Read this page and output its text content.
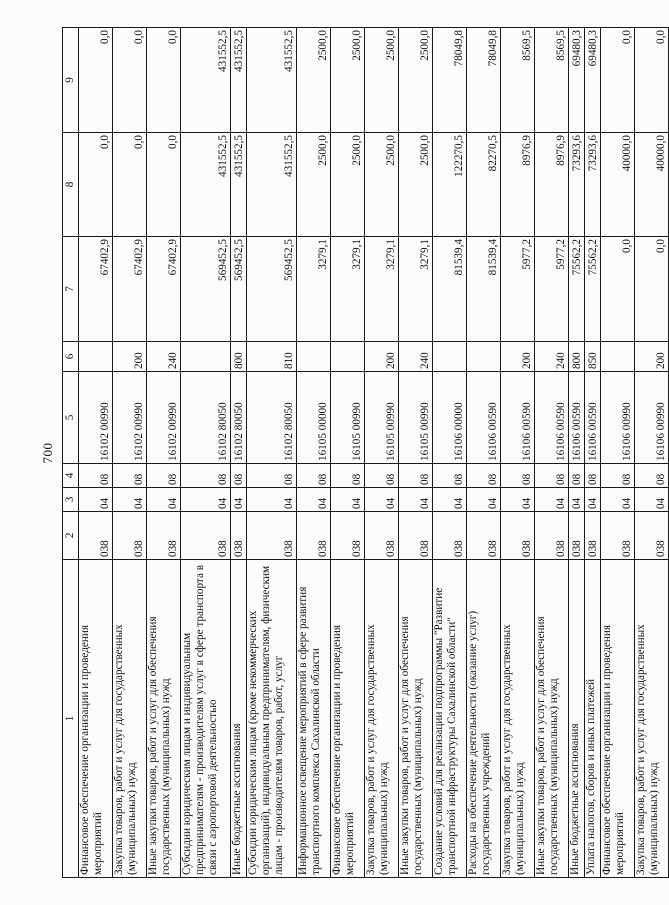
700
1	2	3	4	5	6	7	8	9
Финансовое обеспечение организации и проведения мероприятий	038	04	08	16102 00990		67402,9	0,0	0,0
Закупка товаров, работ и услуг для государственных (муниципальных) нужд	038	04	08	16102 00990	200	67402,9	0,0	0,0
Иные закупки товаров, работ и услуг для обеспечения государственных (муниципальных) нужд	038	04	08	16102 00990	240	67402,9	0,0	0,0
Субсидии юридическим лицам и индивидуальным предпринимателям - производителям услуг в сфере транспорта в связи с аэропортовой деятельностью	038	04	08	16102 80050		569452,5	431552,5	431552,5
Иные бюджетные ассигнования	038	04	08	16102 80050	800	569452,5	431552,5	431552,5
Субсидии юридическим лицам (кроме некоммерческих организаций), индивидуальным предпринимателям, физическим лицам - производителям товаров, работ, услуг	038	04	08	16102 80050	810	569452,5	431552,5	431552,5
Информационное освещение мероприятий в сфере развития транспортного комплекса Сахалинской области	038	04	08	16105 00000		3279,1	2500,0	2500,0
Финансовое обеспечение организации и проведения мероприятий	038	04	08	16105 00990		3279,1	2500,0	2500,0
Закупка товаров, работ и услуг для государственных (муниципальных) нужд	038	04	08	16105 00990	200	3279,1	2500,0	2500,0
Иные закупки товаров, работ и услуг для обеспечения государственных (муниципальных) нужд	038	04	08	16105 00990	240	3279,1	2500,0	2500,0
Создание условий для реализации подпрограммы "Развитие транспортной инфраструктуры Сахалинской области"	038	04	08	16106 00000		81539,4	122270,5	78049,8
Расходы на обеспечение деятельности (оказание услуг) государственных учреждений	038	04	08	16106 00590		81539,4	82270,5	78049,8
Закупка товаров, работ и услуг для государственных (муниципальных) нужд	038	04	08	16106 00590	200	5977,2	8976,9	8569,5
Иные закупки товаров, работ и услуг для обеспечения государственных (муниципальных) нужд	038	04	08	16106 00590	240	5977,2	8976,9	8569,5
Иные бюджетные ассигнования	038	04	08	16106 00590	800	75562,2	73293,6	69480,3
Уплата налогов, сборов и иных платежей	038	04	08	16106 00590	850	75562,2	73293,6	69480,3
Финансовое обеспечение организации и проведения мероприятий	038	04	08	16106 00990		0,0	40000,0	0,0
Закупка товаров, работ и услуг для государственных (муниципальных) нужд	038	04	08	16106 00990	200	0,0	40000,0	0,0
